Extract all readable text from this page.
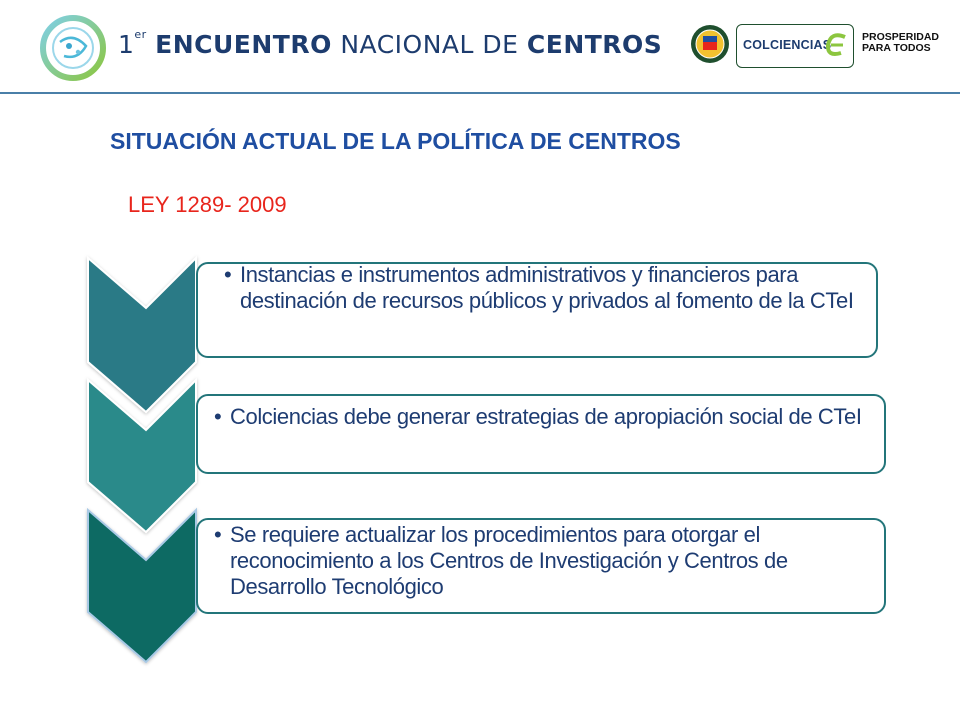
1er ENCUENTRO NACIONAL DE CENTROS	COLCIENCIAS
PROSPERIDAD
PARA TODOS
SITUACIÓN ACTUAL DE LA POLÍTICA DE CENTROS
LEY 1289- 2009
• Instancias e instrumentos administrativos y financieros para destinación de recursos públicos y privados al fomento de la CTeI
• Colciencias debe generar estrategias de apropiación social de CTeI
• Se requiere actualizar los procedimientos para otorgar el reconocimiento a los Centros de Investigación y Centros de Desarrollo Tecnológico
